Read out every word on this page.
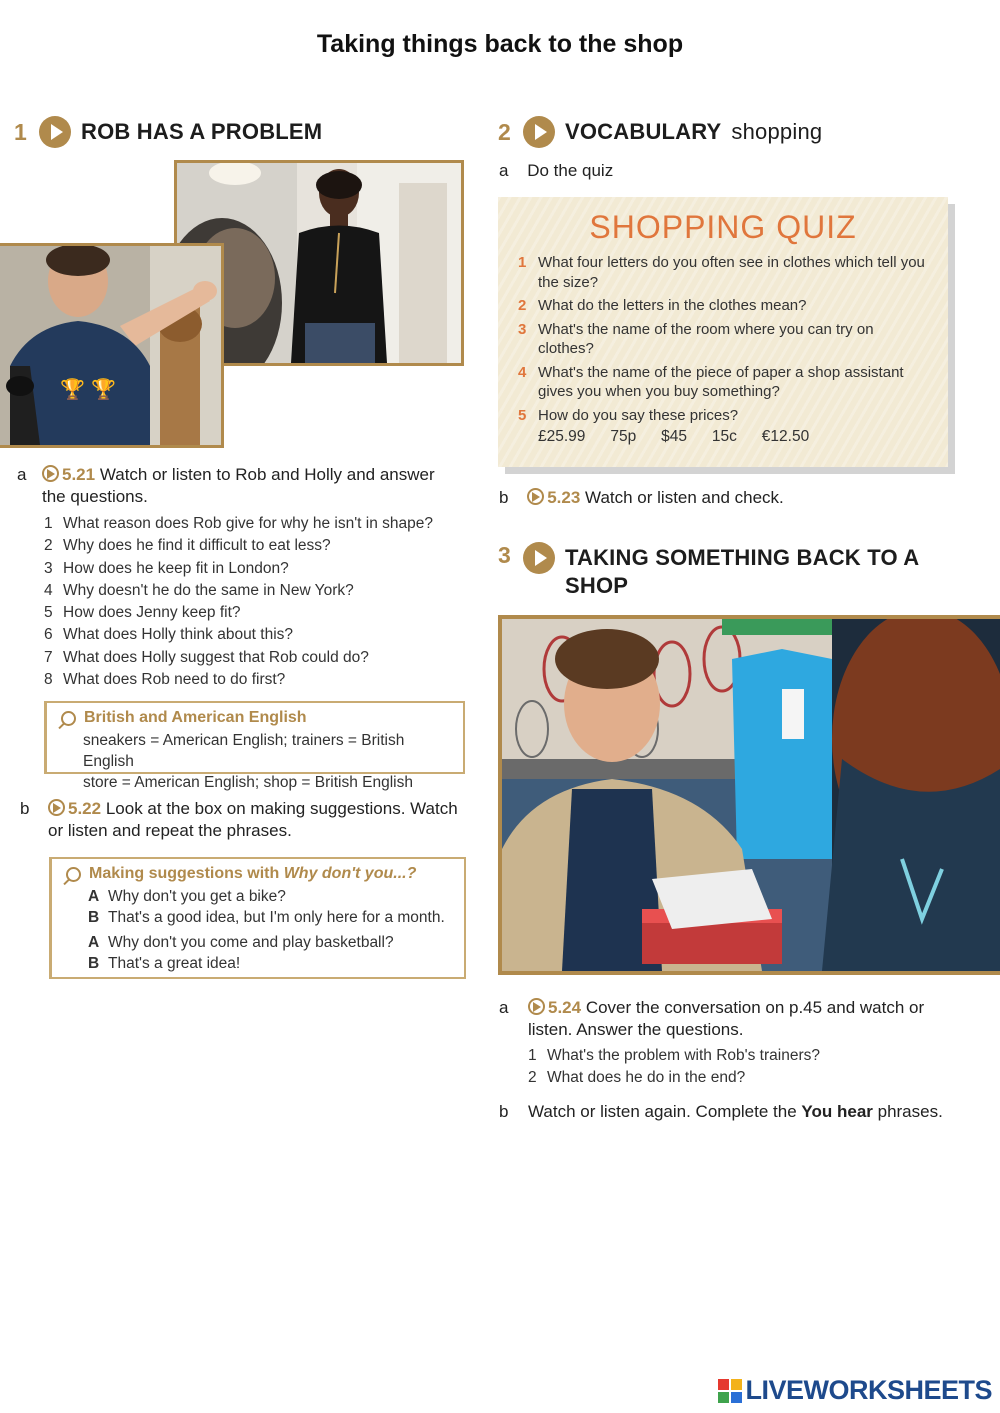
Taking things back to the shop
1 ROB HAS A PROBLEM
🏆 🏆
a	5.21 Watch or listen to Rob and Holly and answer the questions.
1 What reason does Rob give for why he isn't in shape?
2 Why does he find it difficult to eat less?
3 How does he keep fit in London?
4 Why doesn't he do the same in New York?
5 How does Jenny keep fit?
6 What does Holly think about this?
7 What does Holly suggest that Rob could do?
8 What does Rob need to do first?
British and American English
sneakers = American English; trainers = British English
store = American English; shop = British English
b	5.22 Look at the box on making suggestions. Watch or listen and repeat the phrases.
Making suggestions with Why don't you...?
A Why don't you get a bike?
B That's a good idea, but I'm only here for a month.
A Why don't you come and play basketball?
B That's a great idea!
2 VOCABULARY shopping
a Do the quiz
SHOPPING QUIZ
1 What four letters do you often see in clothes which tell you the size?
2 What do the letters in the clothes mean?
3 What's the name of the room where you can try on clothes?
4 What's the name of the piece of paper a shop assistant gives you when you buy something?
5 How do you say these prices?
£25.99   75p   $45   15c   €12.50
b 5.23 Watch or listen and check.
3 TAKING SOMETHING BACK TO A SHOP
a	5.24 Cover the conversation on p.45 and watch or listen. Answer the questions.
1 What's the problem with Rob's trainers?
2 What does he do in the end?
b Watch or listen again. Complete the You hear phrases.
LIVEWORKSHEETS
